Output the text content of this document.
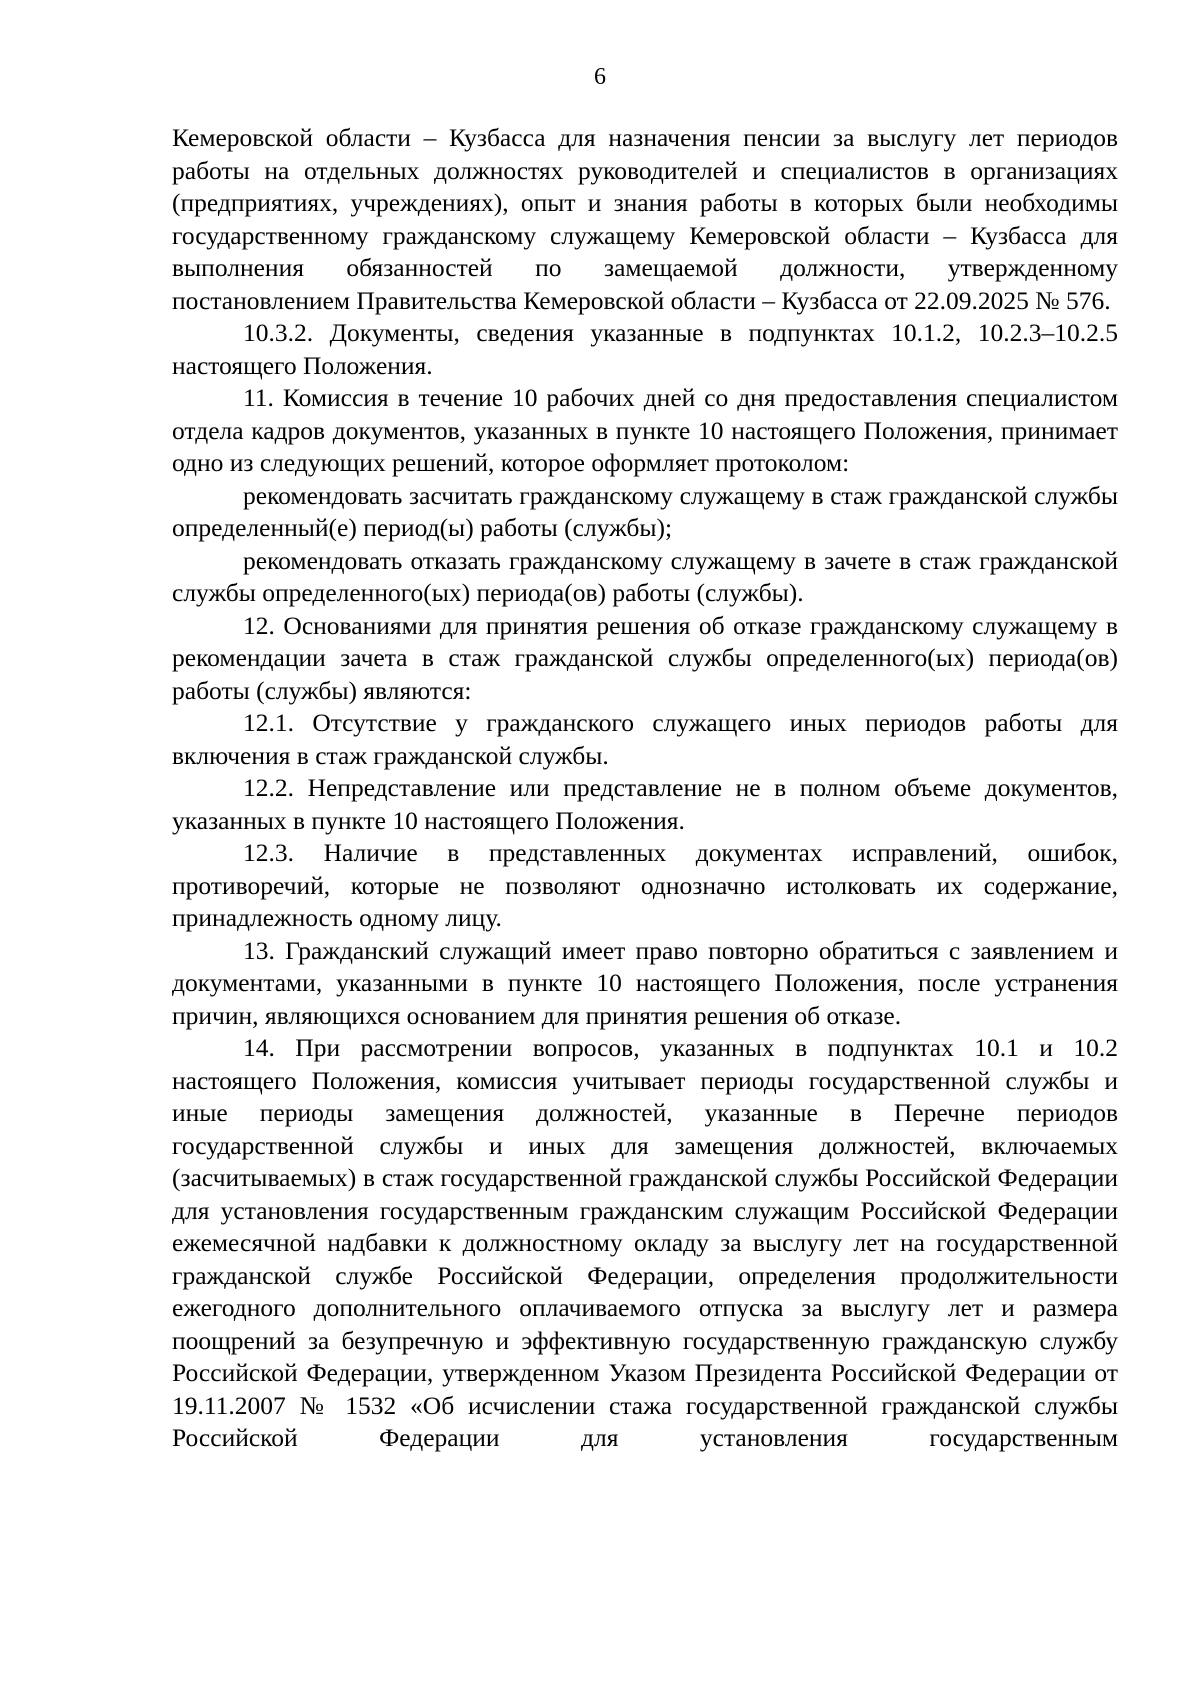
6

Кемеровской области – Кузбасса для назначения пенсии за выслугу лет периодов работы на отдельных должностях руководителей и специалистов в организациях (предприятиях, учреждениях), опыт и знания работы в которых были необходимы государственному гражданскому служащему Кемеровской области – Кузбасса для выполнения обязанностей по замещаемой должности, утвержденному постановлением Правительства Кемеровской области – Кузбасса от 22.09.2025 № 576.

10.3.2. Документы, сведения указанные в подпунктах 10.1.2, 10.2.3–10.2.5 настоящего Положения.

11. Комиссия в течение 10 рабочих дней со дня предоставления специалистом отдела кадров документов, указанных в пункте 10 настоящего Положения, принимает одно из следующих решений, которое оформляет протоколом:

рекомендовать засчитать гражданскому служащему в стаж гражданской службы определенный(е) период(ы) работы (службы);

рекомендовать отказать гражданскому служащему в зачете в стаж гражданской службы определенного(ых) периода(ов) работы (службы).

12. Основаниями для принятия решения об отказе гражданскому служащему в рекомендации зачета в стаж гражданской службы определенного(ых) периода(ов) работы (службы) являются:

12.1. Отсутствие у гражданского служащего иных периодов работы для включения в стаж гражданской службы.

12.2. Непредставление или представление не в полном объеме документов, указанных в пункте 10 настоящего Положения.

12.3. Наличие в представленных документах исправлений, ошибок, противоречий, которые не позволяют однозначно истолковать их содержание, принадлежность одному лицу.

13. Гражданский служащий имеет право повторно обратиться с заявлением и документами, указанными в пункте 10 настоящего Положения, после устранения причин, являющихся основанием для принятия решения об отказе.

14. При рассмотрении вопросов, указанных в подпунктах 10.1 и 10.2 настоящего Положения, комиссия учитывает периоды государственной службы и иные периоды замещения должностей, указанные в Перечне периодов государственной службы и иных для замещения должностей, включаемых (засчитываемых) в стаж государственной гражданской службы Российской Федерации для установления государственным гражданским служащим Российской Федерации ежемесячной надбавки к должностному окладу за выслугу лет на государственной гражданской службе Российской Федерации, определения продолжительности ежегодного дополнительного оплачиваемого отпуска за выслугу лет и размера поощрений за безупречную и эффективную государственную гражданскую службу Российской Федерации, утвержденном Указом Президента Российской Федерации от 19.11.2007 № 1532 «Об исчислении стажа государственной гражданской службы Российской Федерации для установления государственным
